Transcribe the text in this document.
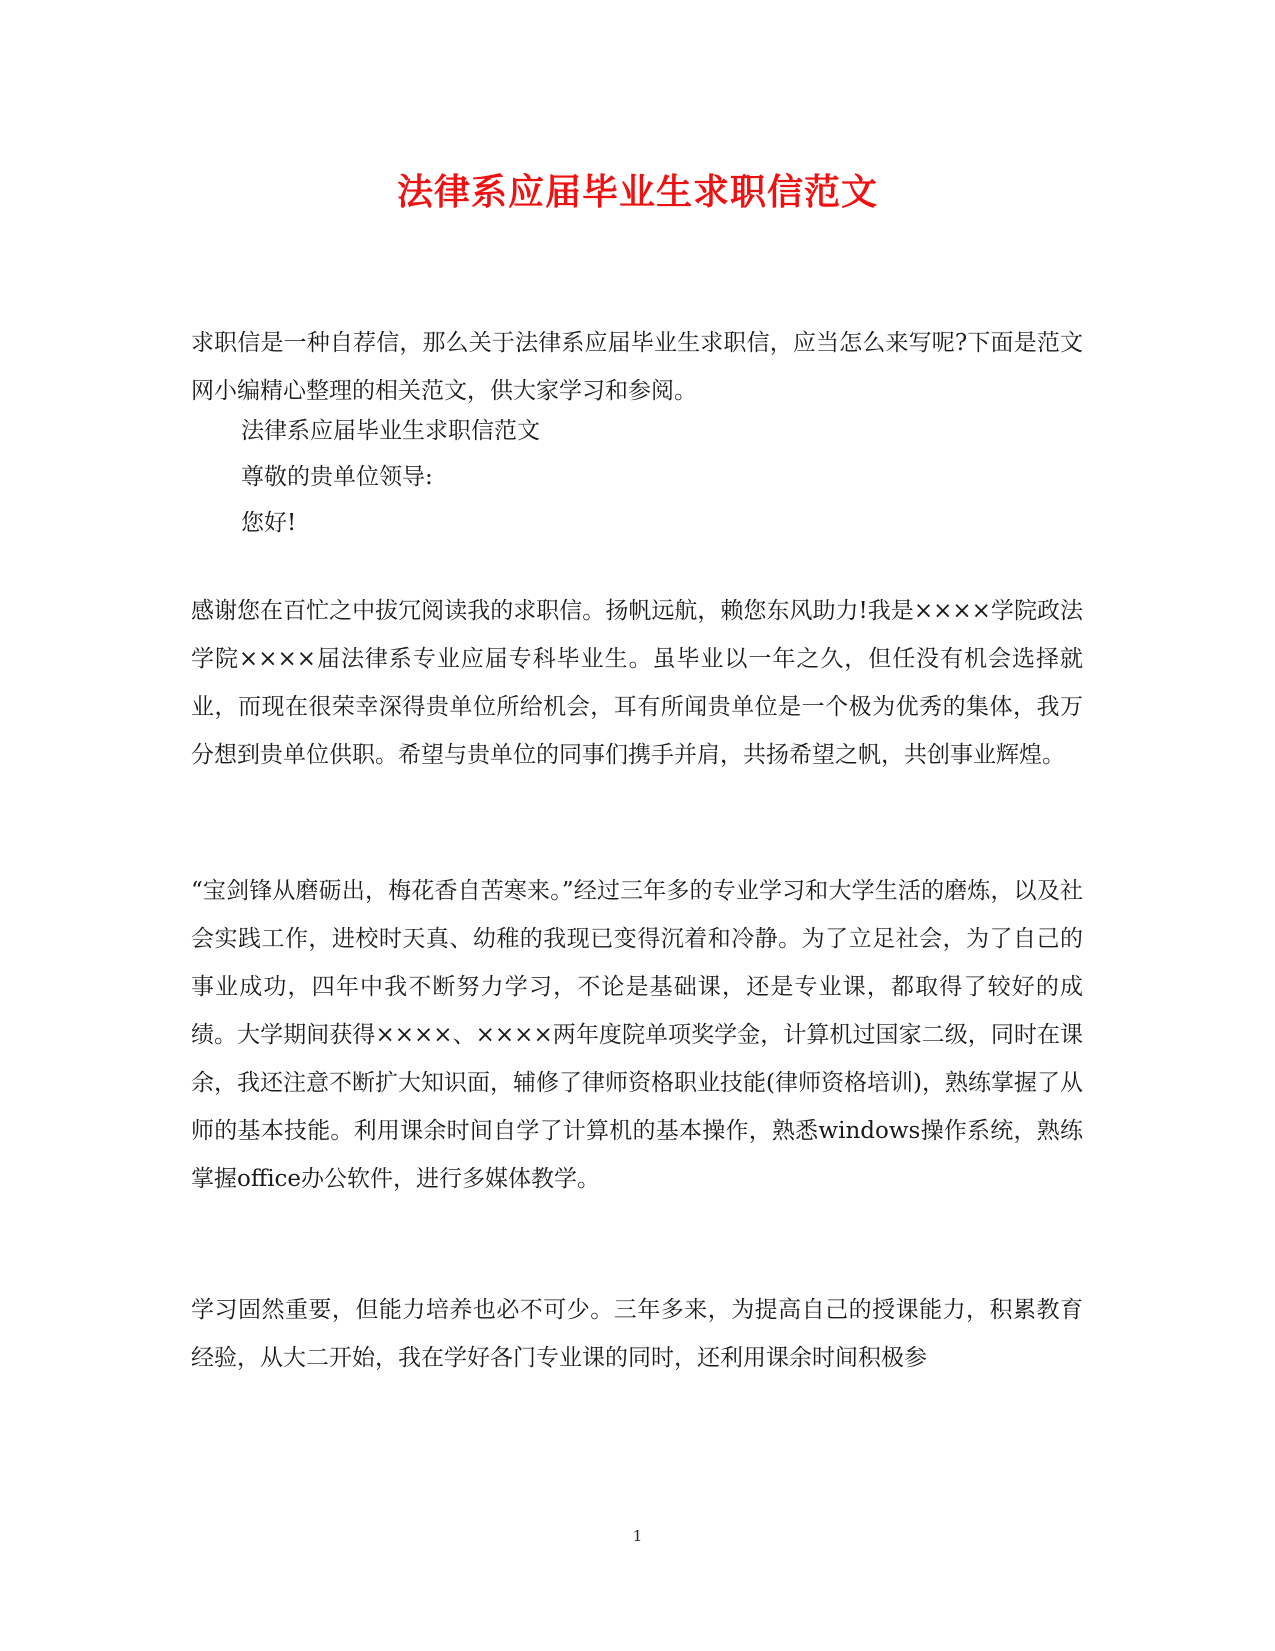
法律系应届毕业生求职信范文
求职信是一种自荐信，那么关于法律系应届毕业生求职信，应当怎么来写呢?下面是范文网小编精心整理的相关范文，供大家学习和参阅。
法律系应届毕业生求职信范文
尊敬的贵单位领导:
您好!
感谢您在百忙之中拔冗阅读我的求职信。扬帆远航，赖您东风助力!我是××××学院政法学院××××届法律系专业应届专科毕业生。虽毕业以一年之久，但任没有机会选择就业，而现在很荣幸深得贵单位所给机会，耳有所闻贵单位是一个极为优秀的集体，我万分想到贵单位供职。希望与贵单位的同事们携手并肩，共扬希望之帆，共创事业辉煌。
“宝剑锋从磨砺出，梅花香自苦寒来。”经过三年多的专业学习和大学生活的磨炼，以及社会实践工作，进校时天真、幼稚的我现已变得沉着和冷静。为了立足社会，为了自己的事业成功，四年中我不断努力学习，不论是基础课，还是专业课，都取得了较好的成绩。大学期间获得××××、××××两年度院单项奖学金，计算机过国家二级，同时在课余，我还注意不断扩大知识面，辅修了律师资格职业技能(律师资格培训)，熟练掌握了从师的基本技能。利用课余时间自学了计算机的基本操作，熟悉windows操作系统，熟练掌握office办公软件，进行多媒体教学。
学习固然重要，但能力培养也必不可少。三年多来，为提高自己的授课能力，积累教育经验，从大二开始，我在学好各门专业课的同时，还利用课余时间积极参
1
